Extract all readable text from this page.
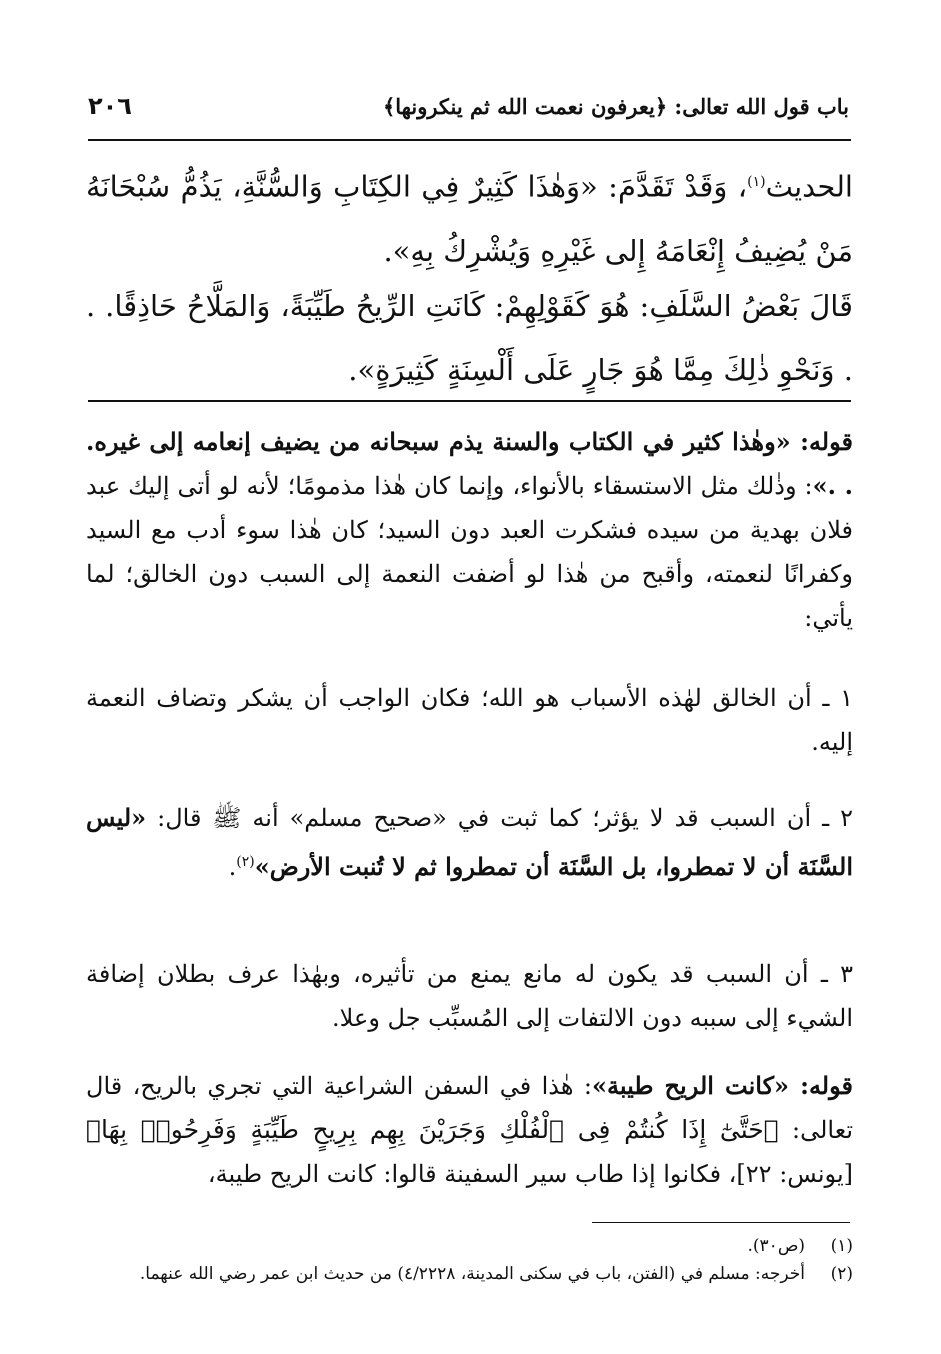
باب قول الله تعالى: ﴿يعرفون نعمت الله ثم ينكرونها﴾
٢٠٦
الحديث$^{(١)}$، وَقَدْ تَقَدَّمَ: «وَهٰذَا كَثِيرٌ فِي الكِتَابِ وَالسُّنَّةِ، يَذُمُّ سُبْحَانَهُ مَنْ يُضِيفُ إِنْعَامَهُ إِلى غَيْرِهِ وَيُشْرِكُ بِهِ».
قَالَ بَعْضُ السَّلَفِ: هُوَ كَقَوْلِهِمْ: كَانَتِ الرِّيحُ طَيِّبَةً، وَالمَلَّاحُ حَاذِقًا. . . وَنَحْوِ ذٰلِكَ مِمَّا هُوَ جَارٍ عَلَى أَلْسِنَةٍ كَثِيرَةٍ».
قوله: «وهٰذا كثير في الكتاب والسنة يذم سبحانه من يضيف إنعامه إلى غيره. . .»: وذٰلك مثل الاستسقاء بالأنواء، وإنما كان هٰذا مذمومًا؛ لأنه لو أتى إليك عبد فلان بهدية من سيده فشكرت العبد دون السيد؛ كان هٰذا سوء أدب مع السيد وكفرانًا لنعمته، وأقبح من هٰذا لو أضفت النعمة إلى السبب دون الخالق؛ لما يأتي:
١ ـ أن الخالق لهٰذه الأسباب هو الله؛ فكان الواجب أن يشكر وتضاف النعمة إليه.
٢ ـ أن السبب قد لا يؤثر؛ كما ثبت في «صحيح مسلم» أنه ﷺ قال: «ليس السَّنَة أن لا تمطروا، بل السَّنَة أن تمطروا ثم لا تُنبت الأرض»$^{(٢)}$.
٣ ـ أن السبب قد يكون له مانع يمنع من تأثيره، وبهٰذا عرف بطلان إضافة الشيء إلى سببه دون الالتفات إلى المُسبِّب جل وعلا.
قوله: «كانت الريح طيبة»: هٰذا في السفن الشراعية التي تجري بالريح، قال تعالى: ﴿حَتَّىٰٓ إِذَا كُنتُمْ فِى ٱلْفُلْكِ وَجَرَيْنَ بِهِم بِرِيحٍ طَيِّبَةٍ وَفَرِحُوا۟ بِهَا﴾ [يونس: ٢٢]، فكانوا إذا طاب سير السفينة قالوا: كانت الريح طيبة،
(١)
(ص٣٠).
(٢)
أخرجه: مسلم في (الفتن، باب في سكنى المدينة، ٤/٢٢٢٨) من حديث ابن عمر رضي الله عنهما.
